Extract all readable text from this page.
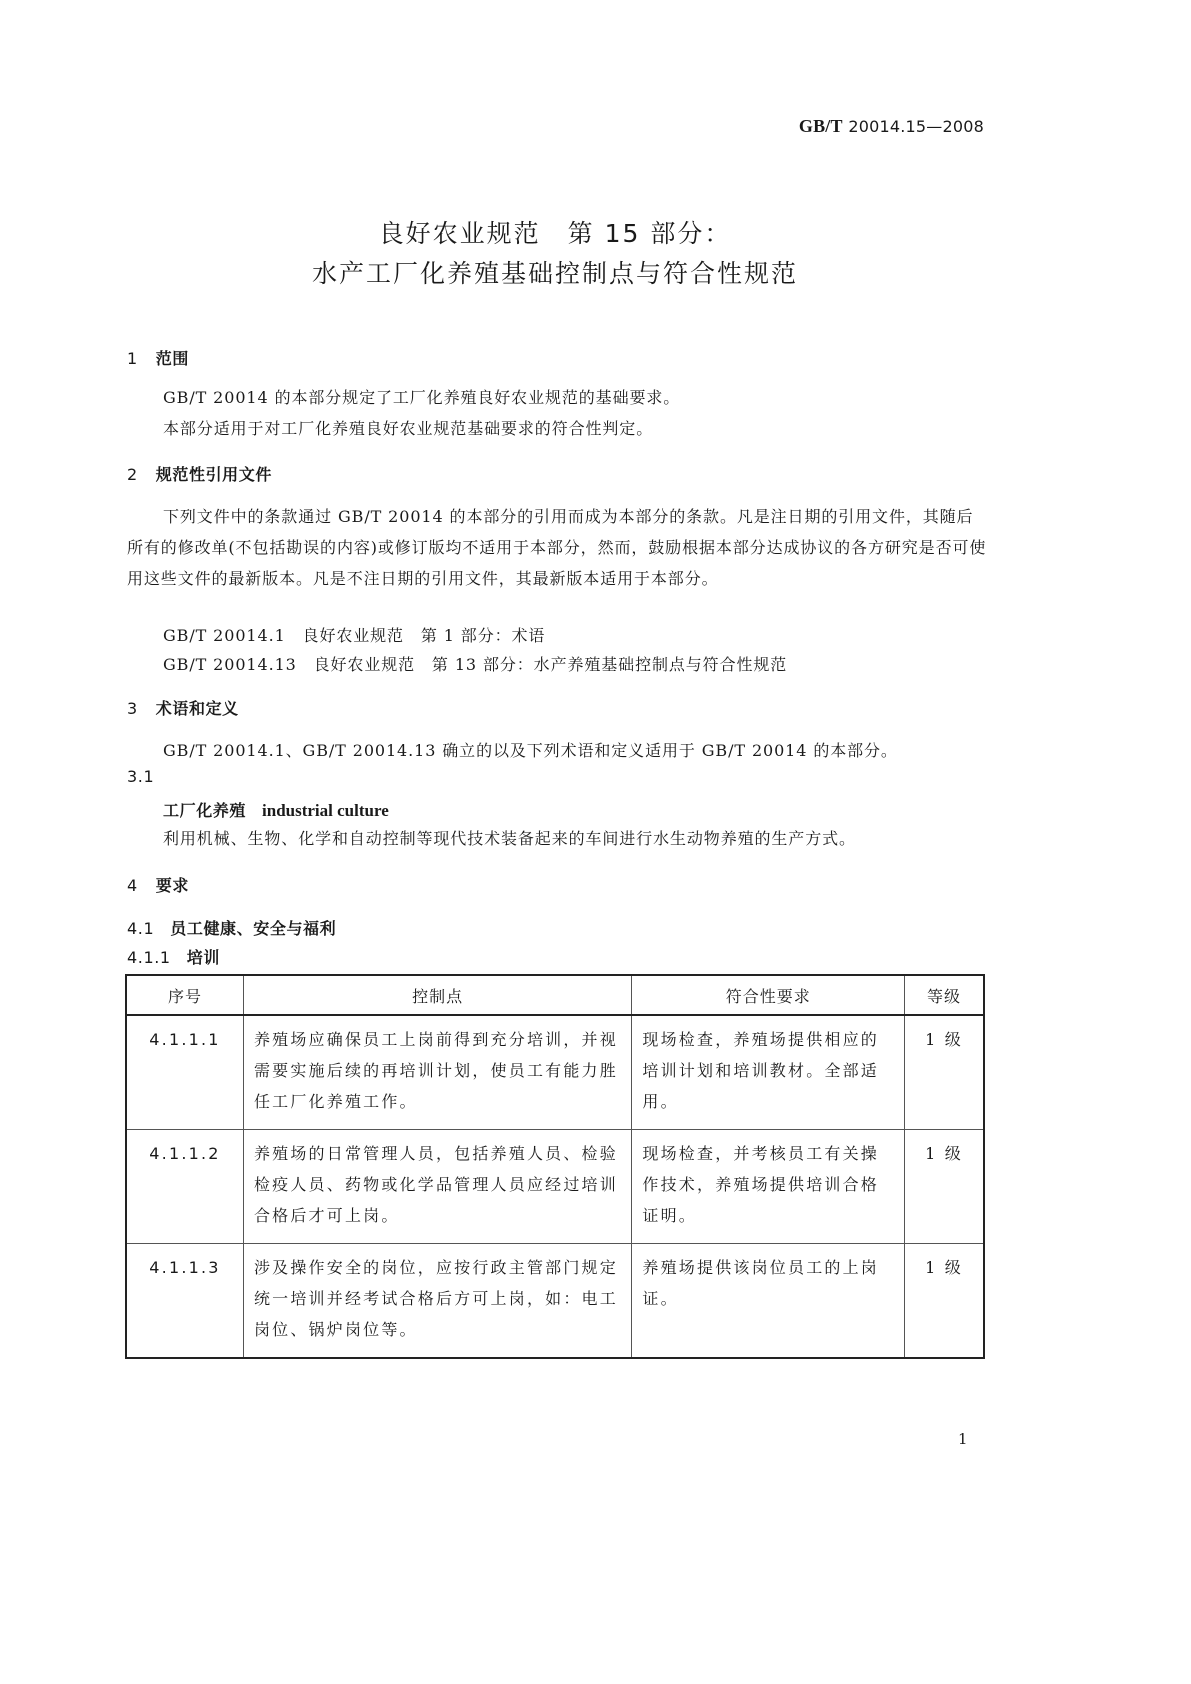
GB/T 20014.15—2008
良好农业规范　第 15 部分：
水产工厂化养殖基础控制点与符合性规范
1 范围
GB/T 20014 的本部分规定了工厂化养殖良好农业规范的基础要求。
本部分适用于对工厂化养殖良好农业规范基础要求的符合性判定。
2 规范性引用文件
下列文件中的条款通过 GB/T 20014 的本部分的引用而成为本部分的条款。凡是注日期的引用文件，其随后所有的修改单(不包括勘误的内容)或修订版均不适用于本部分，然而，鼓励根据本部分达成协议的各方研究是否可使用这些文件的最新版本。凡是不注日期的引用文件，其最新版本适用于本部分。
GB/T 20014.1　良好农业规范　第 1 部分：术语
GB/T 20014.13　良好农业规范　第 13 部分：水产养殖基础控制点与符合性规范
3 术语和定义
GB/T 20014.1、GB/T 20014.13 确立的以及下列术语和定义适用于 GB/T 20014 的本部分。
3.1
工厂化养殖 industrial culture
利用机械、生物、化学和自动控制等现代技术装备起来的车间进行水生动物养殖的生产方式。
4 要求
4.1 员工健康、安全与福利
4.1.1 培训
序号	控制点	符合性要求	等级
4.1.1.1	养殖场应确保员工上岗前得到充分培训，并视需要实施后续的再培训计划，使员工有能力胜任工厂化养殖工作。	现场检查，养殖场提供相应的培训计划和培训教材。全部适用。	1 级
4.1.1.2	养殖场的日常管理人员，包括养殖人员、检验检疫人员、药物或化学品管理人员应经过培训合格后才可上岗。	现场检查，并考核员工有关操作技术，养殖场提供培训合格证明。	1 级
4.1.1.3	涉及操作安全的岗位，应按行政主管部门规定统一培训并经考试合格后方可上岗，如：电工岗位、锅炉岗位等。	养殖场提供该岗位员工的上岗证。	1 级
1
